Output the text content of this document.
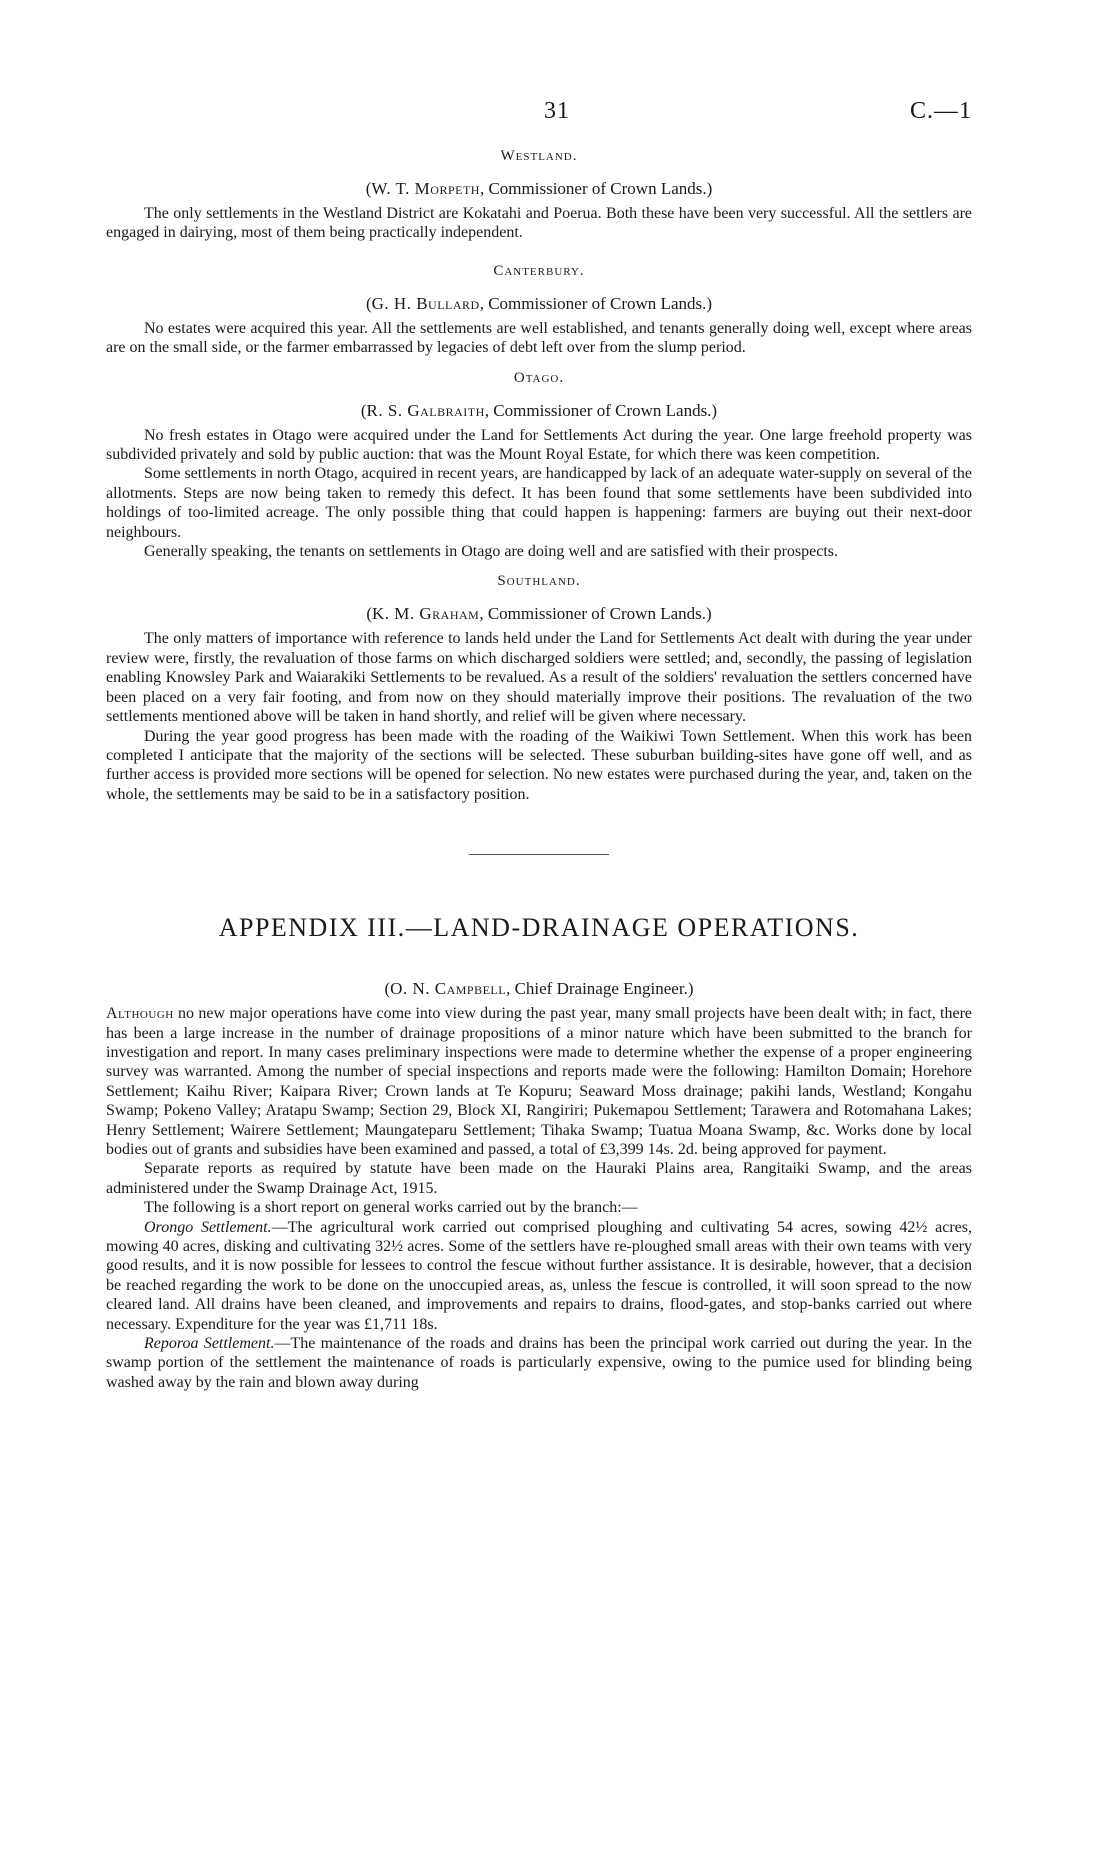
31	C.—1
Westland.
(W. T. Morpeth, Commissioner of Crown Lands.)

The only settlements in the Westland District are Kokatahi and Poerua. Both these have been very successful. All the settlers are engaged in dairying, most of them being practically independent.

Canterbury.
(G. H. Bullard, Commissioner of Crown Lands.)

No estates were acquired this year. All the settlements are well established, and tenants generally doing well, except where areas are on the small side, or the farmer embarrassed by legacies of debt left over from the slump period.

Otago.
(R. S. Galbraith, Commissioner of Crown Lands.)

No fresh estates in Otago were acquired under the Land for Settlements Act during the year. One large freehold property was subdivided privately and sold by public auction: that was the Mount Royal Estate, for which there was keen competition.

Some settlements in north Otago, acquired in recent years, are handicapped by lack of an adequate water-supply on several of the allotments. Steps are now being taken to remedy this defect. It has been found that some settlements have been subdivided into holdings of too-limited acreage. The only possible thing that could happen is happening: farmers are buying out their next-door neighbours.

Generally speaking, the tenants on settlements in Otago are doing well and are satisfied with their prospects.

Southland.
(K. M. Graham, Commissioner of Crown Lands.)

The only matters of importance with reference to lands held under the Land for Settlements Act dealt with during the year under review were, firstly, the revaluation of those farms on which discharged soldiers were settled; and, secondly, the passing of legislation enabling Knowsley Park and Waiarakiki Settlements to be revalued. As a result of the soldiers' revaluation the settlers concerned have been placed on a very fair footing, and from now on they should materially improve their positions. The revaluation of the two settlements mentioned above will be taken in hand shortly, and relief will be given where necessary.

During the year good progress has been made with the roading of the Waikiwi Town Settlement. When this work has been completed I anticipate that the majority of the sections will be selected. These suburban building-sites have gone off well, and as further access is provided more sections will be opened for selection. No new estates were purchased during the year, and, taken on the whole, the settlements may be said to be in a satisfactory position.

APPENDIX III.—LAND-DRAINAGE OPERATIONS.
(O. N. Campbell, Chief Drainage Engineer.)

Although no new major operations have come into view during the past year, many small projects have been dealt with; in fact, there has been a large increase in the number of drainage propositions of a minor nature which have been submitted to the branch for investigation and report. In many cases preliminary inspections were made to determine whether the expense of a proper engineering survey was warranted. Among the number of special inspections and reports made were the following: Hamilton Domain; Horehore Settlement; Kaihu River; Kaipara River; Crown lands at Te Kopuru; Seaward Moss drainage; pakihi lands, Westland; Kongahu Swamp; Pokeno Valley; Aratapu Swamp; Section 29, Block XI, Rangiriri; Pukemapou Settlement; Tarawera and Rotomahana Lakes; Henry Settlement; Wairere Settlement; Maungateparu Settlement; Tihaka Swamp; Tuatua Moana Swamp, &c. Works done by local bodies out of grants and subsidies have been examined and passed, a total of £3,399 14s. 2d. being approved for payment.

Separate reports as required by statute have been made on the Hauraki Plains area, Rangitaiki Swamp, and the areas administered under the Swamp Drainage Act, 1915.

The following is a short report on general works carried out by the branch:—

Orongo Settlement.—The agricultural work carried out comprised ploughing and cultivating 54 acres, sowing 42½ acres, mowing 40 acres, disking and cultivating 32½ acres. Some of the settlers have re-ploughed small areas with their own teams with very good results, and it is now possible for lessees to control the fescue without further assistance. It is desirable, however, that a decision be reached regarding the work to be done on the unoccupied areas, as, unless the fescue is controlled, it will soon spread to the now cleared land. All drains have been cleaned, and improvements and repairs to drains, flood-gates, and stop-banks carried out where necessary. Expenditure for the year was £1,711 18s.

Reporoa Settlement.—The maintenance of the roads and drains has been the principal work carried out during the year. In the swamp portion of the settlement the maintenance of roads is particularly expensive, owing to the pumice used for blinding being washed away by the rain and blown away during
